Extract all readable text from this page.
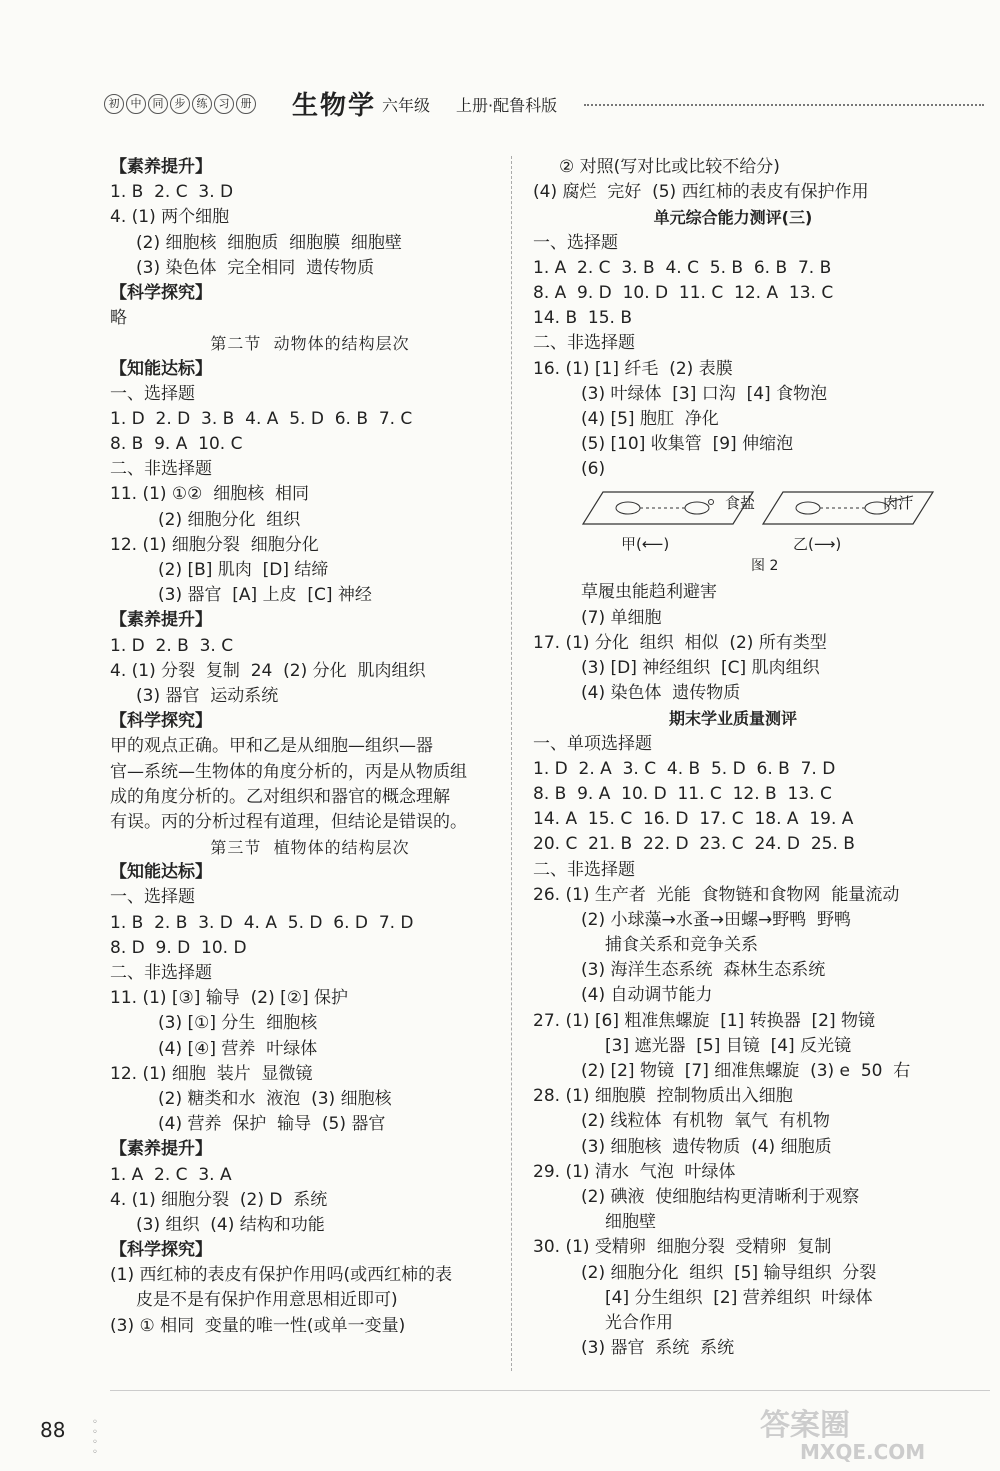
初	中	同	步	练	习	册 生物学 六年级 上册·配鲁科版
【素养提升】
1. B  2. C  3. D
4. (1) 两个细胞
(2) 细胞核  细胞质  细胞膜  细胞壁
(3) 染色体  完全相同  遗传物质
【科学探究】
略
第二节  动物体的结构层次
【知能达标】
一、选择题
1. D  2. D  3. B  4. A  5. D  6. B  7. C
8. B  9. A  10. C
二、非选择题
11. (1) ①②  细胞核  相同
(2) 细胞分化  组织
12. (1) 细胞分裂  细胞分化
(2) [B] 肌肉  [D] 结缔
(3) 器官  [A] 上皮  [C] 神经
【素养提升】
1. D  2. B  3. C
4. (1) 分裂  复制  24  (2) 分化  肌肉组织
(3) 器官  运动系统
【科学探究】
甲的观点正确。甲和乙是从细胞—组织—器
官—系统—生物体的角度分析的，丙是从物质组
成的角度分析的。乙对组织和器官的概念理解
有误。丙的分析过程有道理，但结论是错误的。
第三节  植物体的结构层次
【知能达标】
一、选择题
1. B  2. B  3. D  4. A  5. D  6. D  7. D
8. D  9. D  10. D
二、非选择题
11. (1) [③] 输导  (2) [②] 保护
(3) [①] 分生  细胞核
(4) [④] 营养  叶绿体
12. (1) 细胞  装片  显微镜
(2) 糖类和水  液泡  (3) 细胞核
(4) 营养  保护  输导  (5) 器官
【素养提升】
1. A  2. C  3. A
4. (1) 细胞分裂  (2) D  系统
(3) 组织  (4) 结构和功能
【科学探究】
(1) 西红柿的表皮有保护作用吗(或西红柿的表
皮是不是有保护作用意思相近即可)
(3) ① 相同  变量的唯一性(或单一变量)
② 对照(写对比或比较不给分)
(4) 腐烂  完好  (5) 西红柿的表皮有保护作用
单元综合能力测评(三)
一、选择题
1. A  2. C  3. B  4. C  5. B  6. B  7. B
8. A  9. D  10. D  11. C  12. A  13. C
14. B  15. B
二、非选择题
16. (1) [1] 纤毛  (2) 表膜
(3) 叶绿体  [3] 口沟  [4] 食物泡
(4) [5] 胞肛  净化
(5) [10] 收集管  [9] 伸缩泡
(6)
食盐	肉汁
甲(⟵)	乙(⟶)
图 2
草履虫能趋利避害
(7) 单细胞
17. (1) 分化  组织  相似  (2) 所有类型
(3) [D] 神经组织  [C] 肌肉组织
(4) 染色体  遗传物质
期末学业质量测评
一、单项选择题
1. D  2. A  3. C  4. B  5. D  6. B  7. D
8. B  9. A  10. D  11. C  12. B  13. C
14. A  15. C  16. D  17. C  18. A  19. A
20. C  21. B  22. D  23. C  24. D  25. B
二、非选择题
26. (1) 生产者  光能  食物链和食物网  能量流动
(2) 小球藻→水蚤→田螺→野鸭  野鸭
捕食关系和竞争关系
(3) 海洋生态系统  森林生态系统
(4) 自动调节能力
27. (1) [6] 粗准焦螺旋  [1] 转换器  [2] 物镜
[3] 遮光器  [5] 目镜  [4] 反光镜
(2) [2] 物镜  [7] 细准焦螺旋  (3) e  50  右
28. (1) 细胞膜  控制物质出入细胞
(2) 线粒体  有机物  氧气  有机物
(3) 细胞核  遗传物质  (4) 细胞质
29. (1) 清水  气泡  叶绿体
(2) 碘液  使细胞结构更清晰利于观察
细胞壁
30. (1) 受精卵  细胞分裂  受精卵  复制
(2) 细胞分化  组织  [5] 输导组织  分裂
[4] 分生组织  [2] 营养组织  叶绿体
光合作用
(3) 器官  系统  系统
88	◦
◦
◦
◦
答案圈
MXQE.COM
